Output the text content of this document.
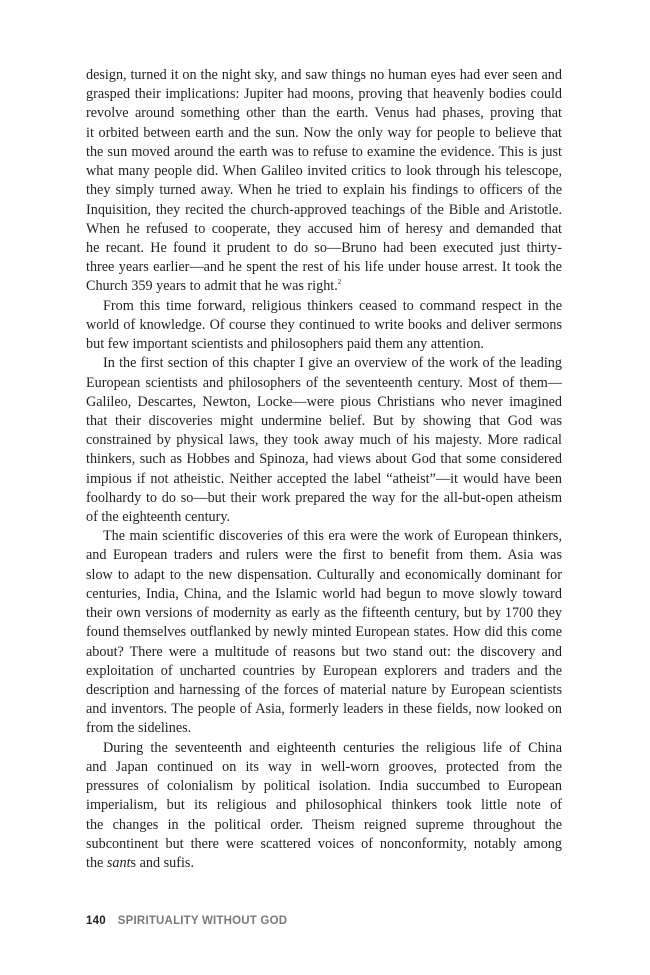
design, turned it on the night sky, and saw things no human eyes had ever seen and
grasped their implications: Jupiter had moons, proving that heavenly bodies could
revolve around something other than the earth. Venus had phases, proving that
it orbited between earth and the sun. Now the only way for people to believe that
the sun moved around the earth was to refuse to examine the evidence. This is just
what many people did. When Galileo invited critics to look through his telescope,
they simply turned away. When he tried to explain his findings to officers of the
Inquisition, they recited the church-approved teachings of the Bible and Aristotle.
When he refused to cooperate, they accused him of heresy and demanded that
he recant. He found it prudent to do so—Bruno had been executed just thirty-
three years earlier—and he spent the rest of his life under house arrest. It took the
Church 359 years to admit that he was right.$^2$
From this time forward, religious thinkers ceased to command respect in the
world of knowledge. Of course they continued to write books and deliver sermons
but few important scientists and philosophers paid them any attention.
In the first section of this chapter I give an overview of the work of the leading
European scientists and philosophers of the seventeenth century. Most of them—
Galileo, Descartes, Newton, Locke—were pious Christians who never imagined
that their discoveries might undermine belief. But by showing that God was
constrained by physical laws, they took away much of his majesty. More radical
thinkers, such as Hobbes and Spinoza, had views about God that some considered
impious if not atheistic. Neither accepted the label “atheist”—it would have been
foolhardy to do so—but their work prepared the way for the all-but-open atheism
of the eighteenth century.
The main scientific discoveries of this era were the work of European thinkers,
and European traders and rulers were the first to benefit from them. Asia was
slow to adapt to the new dispensation. Culturally and economically dominant for
centuries, India, China, and the Islamic world had begun to move slowly toward
their own versions of modernity as early as the fifteenth century, but by 1700 they
found themselves outflanked by newly minted European states. How did this come
about? There were a multitude of reasons but two stand out: the discovery and
exploitation of uncharted countries by European explorers and traders and the
description and harnessing of the forces of material nature by European scientists
and inventors. The people of Asia, formerly leaders in these fields, now looked on
from the sidelines.
During the seventeenth and eighteenth centuries the religious life of China
and Japan continued on its way in well-worn grooves, protected from the
pressures of colonialism by political isolation. India succumbed to European
imperialism, but its religious and philosophical thinkers took little note of
the changes in the political order. Theism reigned supreme throughout the
subcontinent but there were scattered voices of nonconformity, notably among
the sants and sufis.
140 SPIRITUALITY WITHOUT GOD
